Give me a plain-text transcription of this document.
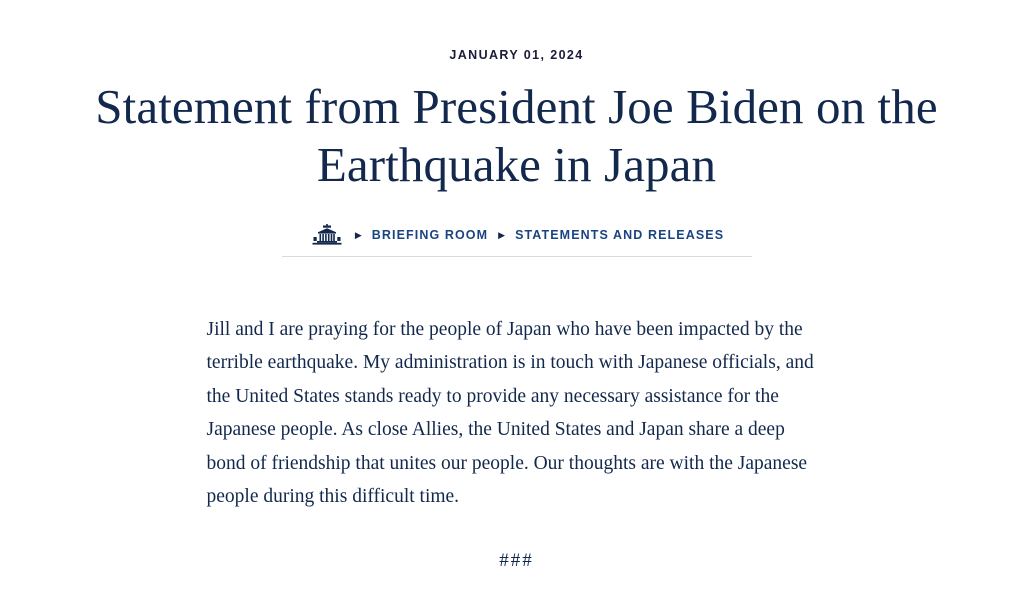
JANUARY 01, 2024
Statement from President Joe Biden on the Earthquake in Japan
▶ BRIEFING ROOM ▶ STATEMENTS AND RELEASES

Jill and I are praying for the people of Japan who have been impacted by the terrible earthquake. My administration is in touch with Japanese officials, and the United States stands ready to provide any necessary assistance for the Japanese people. As close Allies, the United States and Japan share a deep bond of friendship that unites our people. Our thoughts are with the Japanese people during this difficult time.

###
